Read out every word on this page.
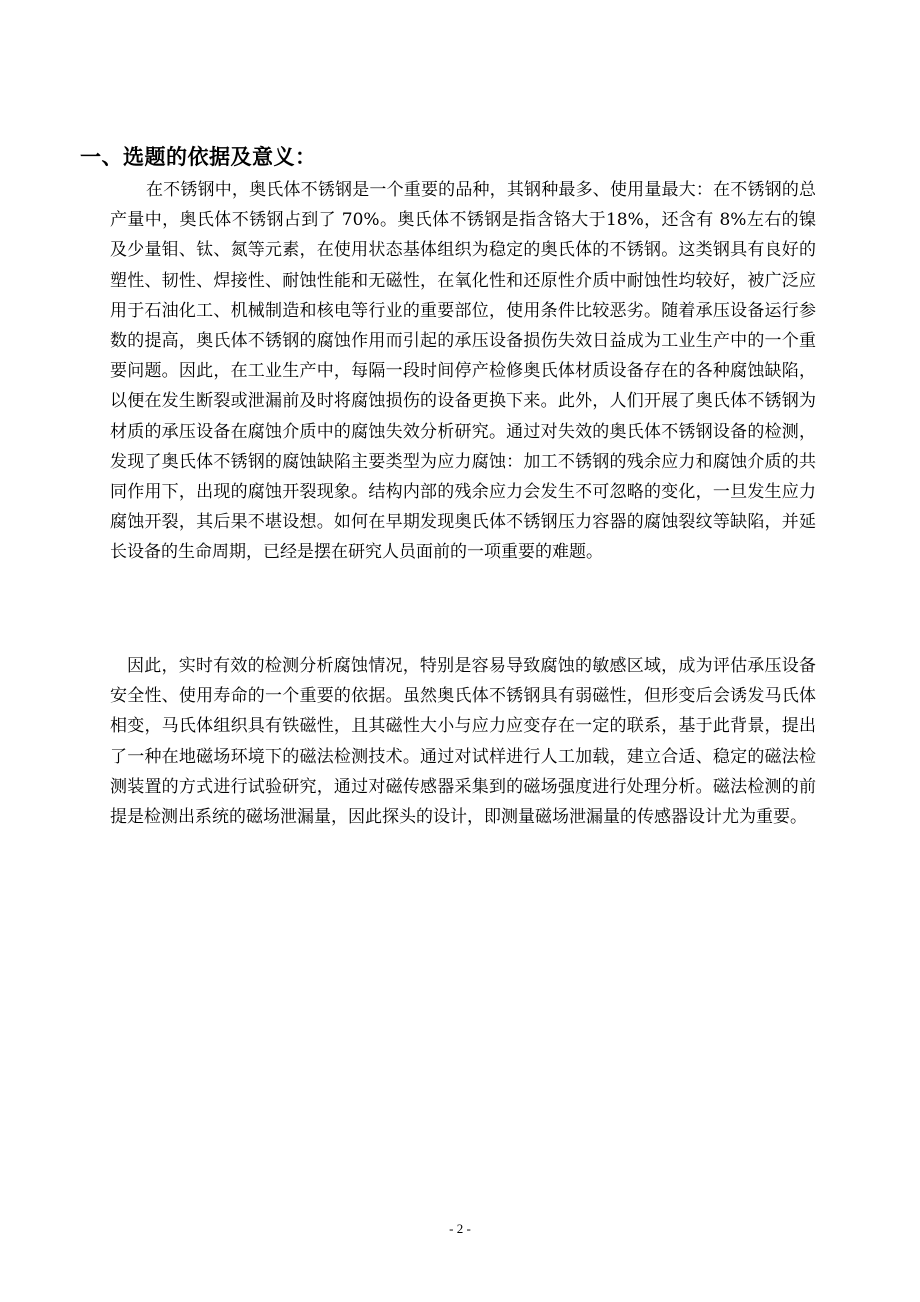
一、选题的依据及意义：

在不锈钢中，奥氏体不锈钢是一个重要的品种，其钢种最多、使用量最大：在不锈钢的总产量中，奥氏体不锈钢占到了 70%。奥氏体不锈钢是指含铬大于18%，还含有 8%左右的镍及少量钼、钛、氮等元素，在使用状态基体组织为稳定的奥氏体的不锈钢。这类钢具有良好的塑性、韧性、焊接性、耐蚀性能和无磁性，在氧化性和还原性介质中耐蚀性均较好，被广泛应用于石油化工、机械制造和核电等行业的重要部位，使用条件比较恶劣。随着承压设备运行参数的提高，奥氏体不锈钢的腐蚀作用而引起的承压设备损伤失效日益成为工业生产中的一个重要问题。因此，在工业生产中，每隔一段时间停产检修奥氏体材质设备存在的各种腐蚀缺陷，以便在发生断裂或泄漏前及时将腐蚀损伤的设备更换下来。此外，人们开展了奥氏体不锈钢为材质的承压设备在腐蚀介质中的腐蚀失效分析研究。通过对失效的奥氏体不锈钢设备的检测，发现了奥氏体不锈钢的腐蚀缺陷主要类型为应力腐蚀：加工不锈钢的残余应力和腐蚀介质的共同作用下，出现的腐蚀开裂现象。结构内部的残余应力会发生不可忽略的变化，一旦发生应力腐蚀开裂，其后果不堪设想。如何在早期发现奥氏体不锈钢压力容器的腐蚀裂纹等缺陷，并延长设备的生命周期，已经是摆在研究人员面前的一项重要的难题。

因此，实时有效的检测分析腐蚀情况，特别是容易导致腐蚀的敏感区域，成为评估承压设备安全性、使用寿命的一个重要的依据。虽然奥氏体不锈钢具有弱磁性，但形变后会诱发马氏体相变，马氏体组织具有铁磁性，且其磁性大小与应力应变存在一定的联系，基于此背景，提出了一种在地磁场环境下的磁法检测技术。通过对试样进行人工加载，建立合适、稳定的磁法检测装置的方式进行试验研究，通过对磁传感器采集到的磁场强度进行处理分析。磁法检测的前提是检测出系统的磁场泄漏量，因此探头的设计，即测量磁场泄漏量的传感器设计尤为重要。

- 2 -
